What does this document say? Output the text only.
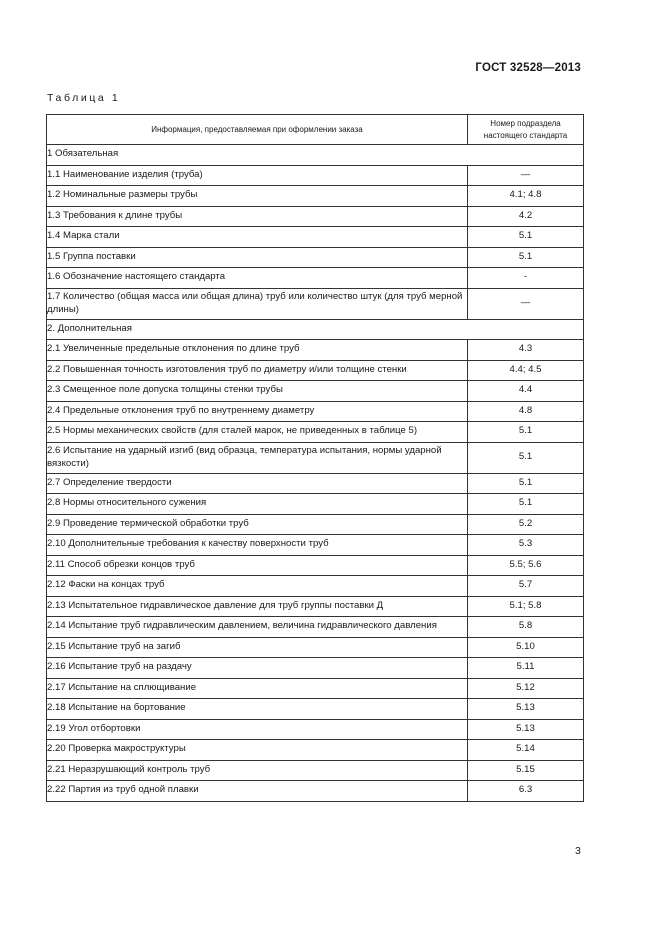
ГОСТ 32528—2013
Таблица 1
Информация, предоставляемая при оформлении заказа	Номер подраздела
настоящего стандарта
1 Обязательная	
1.1 Наименование изделия (труба)	—
1.2 Номинальные размеры трубы	4.1; 4.8
1.3 Требования к длине трубы	4.2
1.4 Марка стали	5.1
1.5 Группа поставки	5.1
1.6 Обозначение настоящего стандарта	-
1.7 Количество (общая масса или общая длина) труб или количество штук (для труб мерной длины)	—
2. Дополнительная	
2.1 Увеличенные предельные отклонения по длине труб	4.3
2.2 Повышенная точность изготовления труб по диаметру и/или толщине стенки	4.4; 4.5
2.3 Смещенное поле допуска толщины стенки трубы	4.4
2.4 Предельные отклонения труб по внутреннему диаметру	4.8
2.5 Нормы механических свойств (для сталей марок, не приведенных в таблице 5)	5.1
2.6 Испытание на ударный изгиб (вид образца, температура испытания, нормы ударной вязкости)	5.1
2.7 Определение твердости	5.1
2.8 Нормы относительного сужения	5.1
2.9 Проведение термической обработки труб	5.2
2.10 Дополнительные требования к качеству поверхности труб	5.3
2.11 Способ обрезки концов труб	5.5; 5.6
2.12 Фаски на концах труб	5.7
2.13 Испытательное гидравлическое давление для труб группы поставки Д	5.1; 5.8
2.14 Испытание труб гидравлическим давлением, величина гидравлического давления	5.8
2.15 Испытание труб на загиб	5.10
2.16 Испытание труб на раздачу	5.11
2.17 Испытание на сплющивание	5.12
2.18 Испытание на бортование	5.13
2.19 Угол отбортовки	5.13
2.20 Проверка макроструктуры	5.14
2.21 Неразрушающий контроль труб	5.15
2.22 Партия из труб одной плавки	6.3
3
